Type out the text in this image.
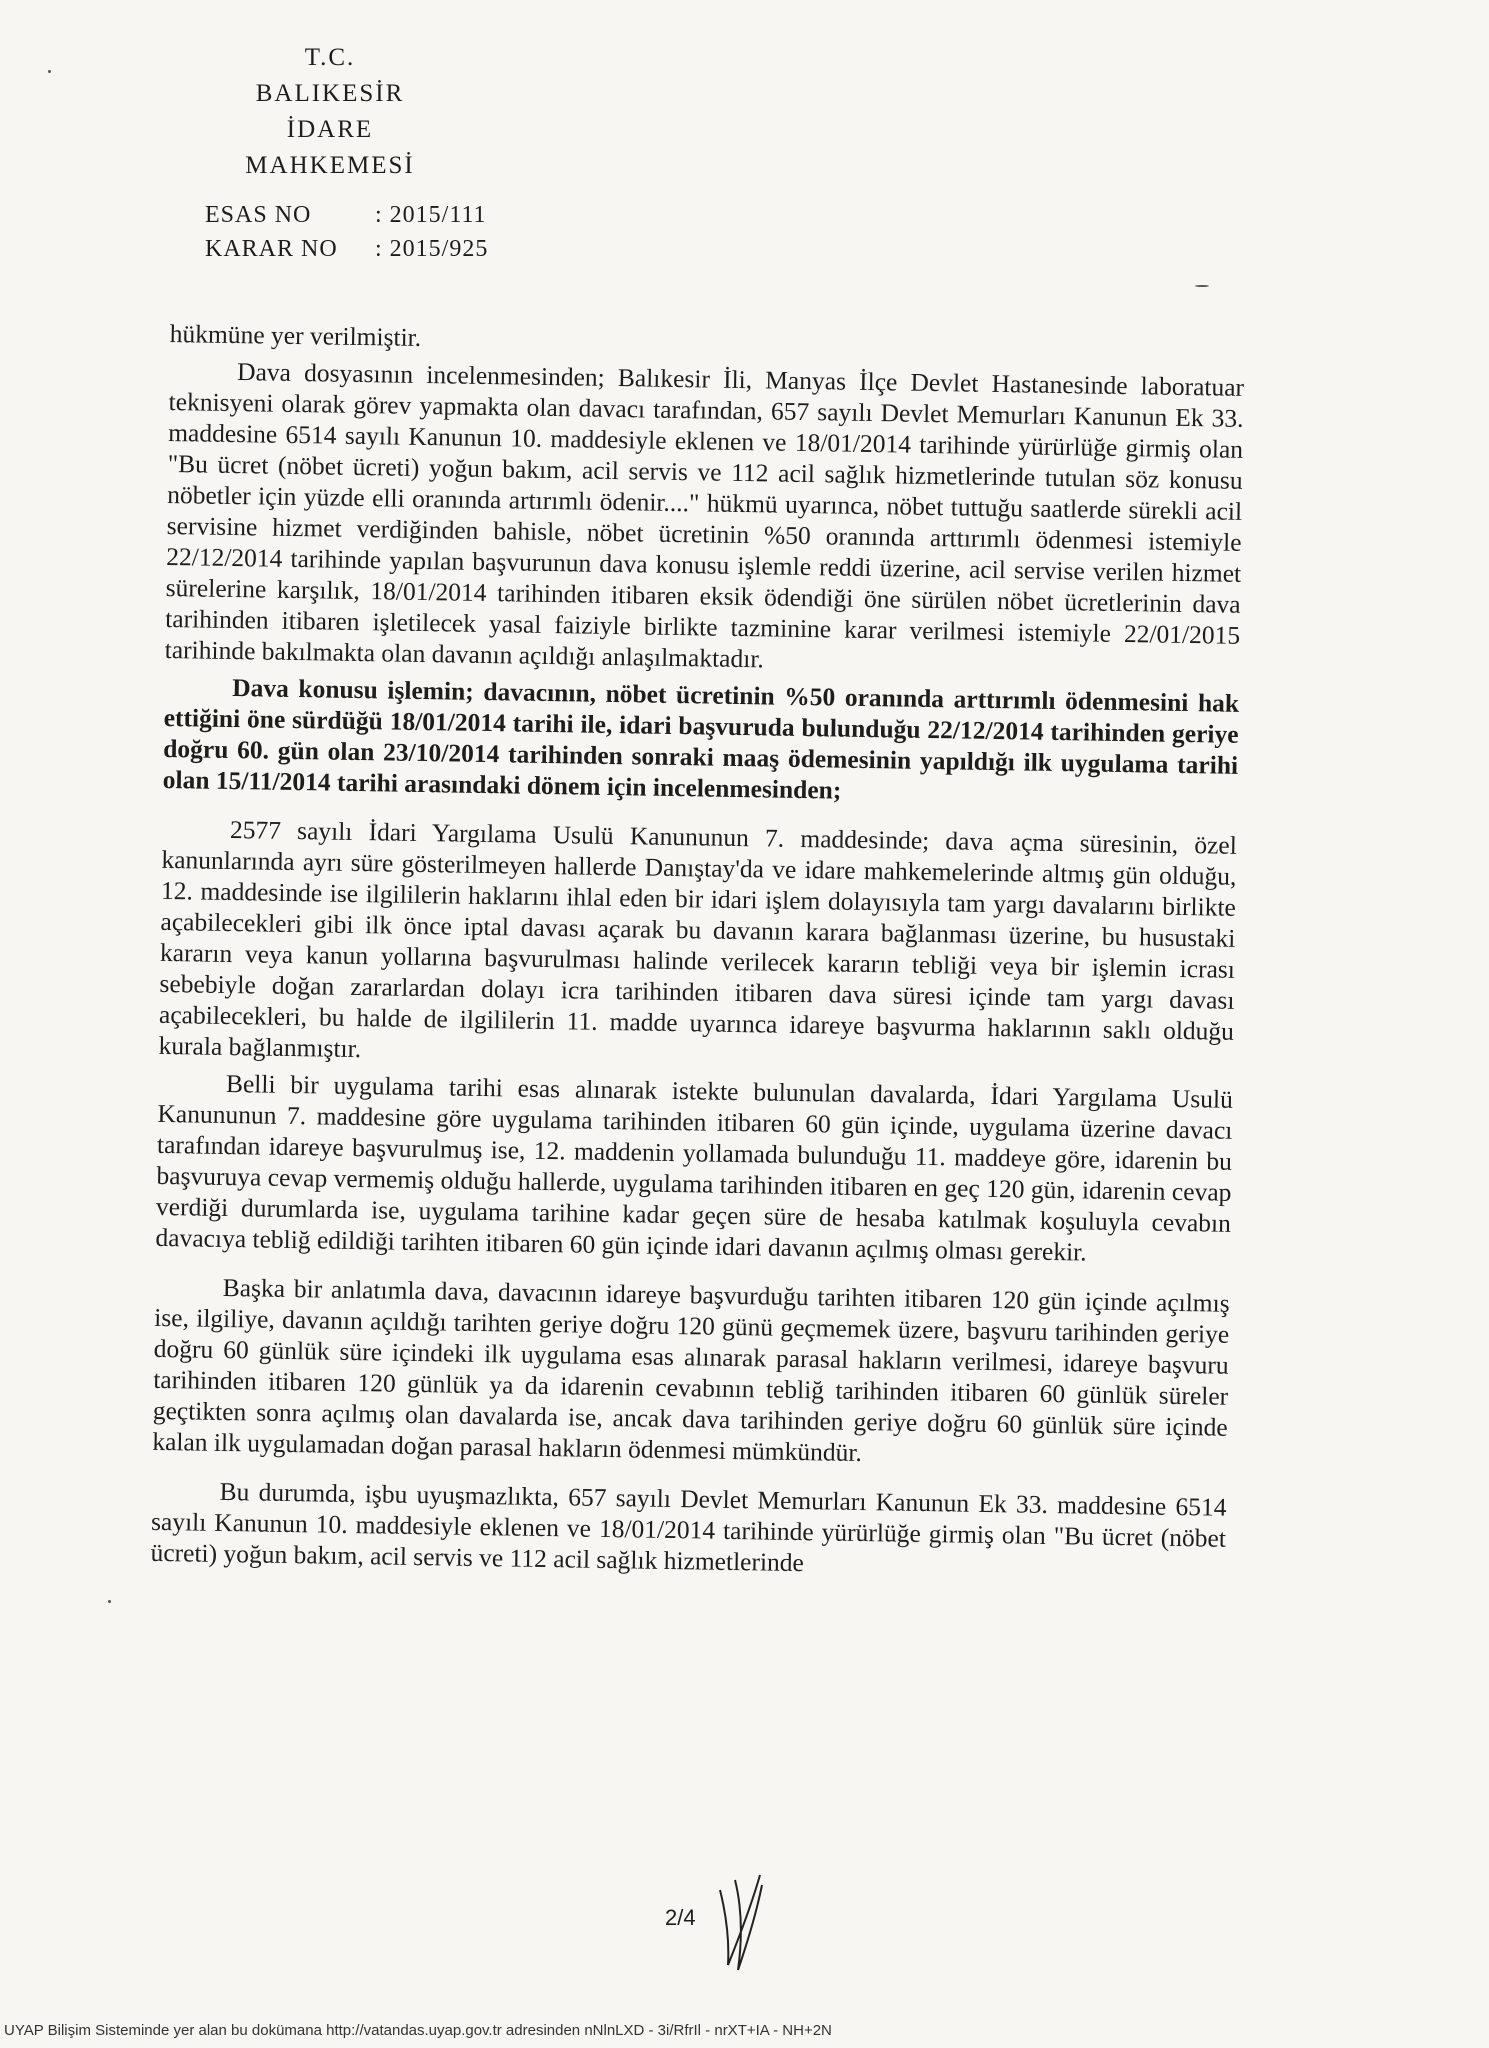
T.C.
BALIKESİR
İDARE MAHKEMESİ
ESAS NO	: 2015/111
KARAR NO	: 2015/925

hükmüne yer verilmiştir.

Dava dosyasının incelenmesinden; Balıkesir İli, Manyas İlçe Devlet Hastanesinde laboratuar teknisyeni olarak görev yapmakta olan davacı tarafından, 657 sayılı Devlet Memurları Kanunun Ek 33. maddesine 6514 sayılı Kanunun 10. maddesiyle eklenen ve 18/01/2014 tarihinde yürürlüğe girmiş olan "Bu ücret (nöbet ücreti) yoğun bakım, acil servis ve 112 acil sağlık hizmetlerinde tutulan söz konusu nöbetler için yüzde elli oranında artırımlı ödenir...." hükmü uyarınca, nöbet tuttuğu saatlerde sürekli acil servisine hizmet verdiğinden bahisle, nöbet ücretinin %50 oranında arttırımlı ödenmesi istemiyle 22/12/2014 tarihinde yapılan başvurunun dava konusu işlemle reddi üzerine, acil servise verilen hizmet sürelerine karşılık, 18/01/2014 tarihinden itibaren eksik ödendiği öne sürülen nöbet ücretlerinin dava tarihinden itibaren işletilecek yasal faiziyle birlikte tazminine karar verilmesi istemiyle 22/01/2015 tarihinde bakılmakta olan davanın açıldığı anlaşılmaktadır.

Dava konusu işlemin; davacının, nöbet ücretinin %50 oranında arttırımlı ödenmesini hak ettiğini öne sürdüğü 18/01/2014 tarihi ile, idari başvuruda bulunduğu 22/12/2014 tarihinden geriye doğru 60. gün olan 23/10/2014 tarihinden sonraki maaş ödemesinin yapıldığı ilk uygulama tarihi olan 15/11/2014 tarihi arasındaki dönem için incelenmesinden;

2577 sayılı İdari Yargılama Usulü Kanununun 7. maddesinde; dava açma süresinin, özel kanunlarında ayrı süre gösterilmeyen hallerde Danıştay'da ve idare mahkemelerinde altmış gün olduğu, 12. maddesinde ise ilgililerin haklarını ihlal eden bir idari işlem dolayısıyla tam yargı davalarını birlikte açabilecekleri gibi ilk önce iptal davası açarak bu davanın karara bağlanması üzerine, bu husustaki kararın veya kanun yollarına başvurulması halinde verilecek kararın tebliği veya bir işlemin icrası sebebiyle doğan zararlardan dolayı icra tarihinden itibaren dava süresi içinde tam yargı davası açabilecekleri, bu halde de ilgililerin 11. madde uyarınca idareye başvurma haklarının saklı olduğu kurala bağlanmıştır.

Belli bir uygulama tarihi esas alınarak istekte bulunulan davalarda, İdari Yargılama Usulü Kanununun 7. maddesine göre uygulama tarihinden itibaren 60 gün içinde, uygulama üzerine davacı tarafından idareye başvurulmuş ise, 12. maddenin yollamada bulunduğu 11. maddeye göre, idarenin bu başvuruya cevap vermemiş olduğu hallerde, uygulama tarihinden itibaren en geç 120 gün, idarenin cevap verdiği durumlarda ise, uygulama tarihine kadar geçen süre de hesaba katılmak koşuluyla cevabın davacıya tebliğ edildiği tarihten itibaren 60 gün içinde idari davanın açılmış olması gerekir.

Başka bir anlatımla dava, davacının idareye başvurduğu tarihten itibaren 120 gün içinde açılmış ise, ilgiliye, davanın açıldığı tarihten geriye doğru 120 günü geçmemek üzere, başvuru tarihinden geriye doğru 60 günlük süre içindeki ilk uygulama esas alınarak parasal hakların verilmesi, idareye başvuru tarihinden itibaren 120 günlük ya da idarenin cevabının tebliğ tarihinden itibaren 60 günlük süreler geçtikten sonra açılmış olan davalarda ise, ancak dava tarihinden geriye doğru 60 günlük süre içinde kalan ilk uygulamadan doğan parasal hakların ödenmesi mümkündür.

Bu durumda, işbu uyuşmazlıkta, 657 sayılı Devlet Memurları Kanunun Ek 33. maddesine 6514 sayılı Kanunun 10. maddesiyle eklenen ve 18/01/2014 tarihinde yürürlüğe girmiş olan "Bu ücret (nöbet ücreti) yoğun bakım, acil servis ve 112 acil sağlık hizmetlerinde

2/4
UYAP Bilişim Sisteminde yer alan bu dokümana http://vatandas.uyap.gov.tr adresinden nNlnLXD - 3i/RfrIl - nrXT+IA - NH+2N
